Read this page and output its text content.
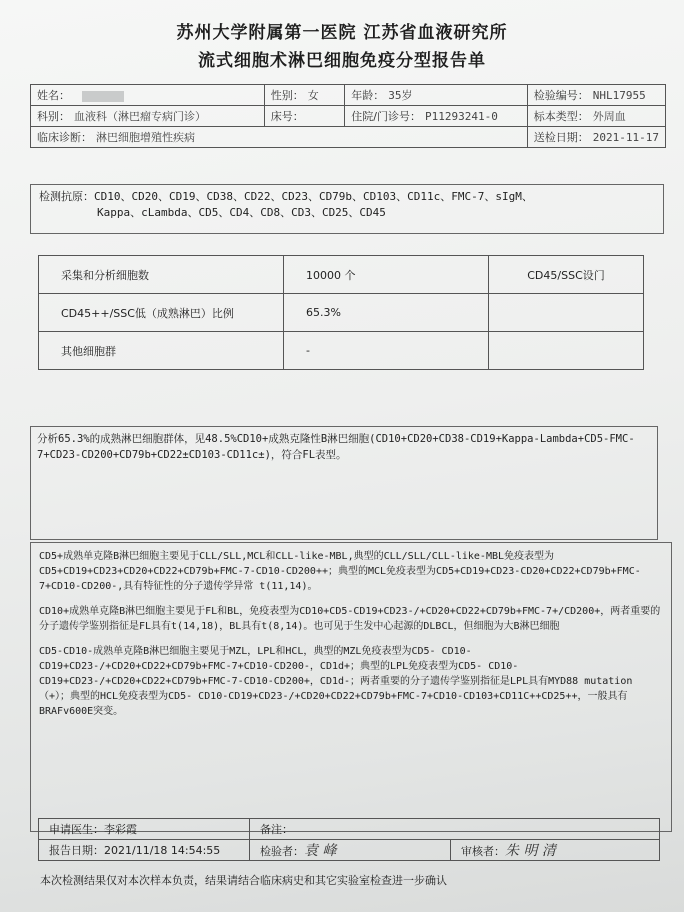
苏州大学附属第一医院 江苏省血液研究所
流式细胞术淋巴细胞免疫分型报告单
姓名：	性别： 女	年龄： 35岁	检验编号： NHL17955
科别： 血液科（淋巴瘤专病门诊）	床号：	住院/门诊号： P11293241-0	标本类型： 外周血
临床诊断： 淋巴细胞增殖性疾病			送检日期： 2021-11-17
检测抗原：CD10、CD20、CD19、CD38、CD22、CD23、CD79b、CD103、CD11c、FMC-7、sIgM、
Kappa、cLambda、CD5、CD4、CD8、CD3、CD25、CD45
采集和分析细胞数	10000 个	CD45/SSC设门
CD45++/SSC低（成熟淋巴）比例	65.3%	
其他细胞群	-	
分析65.3%的成熟淋巴细胞群体，见48.5%CD10+成熟克隆性B淋巴细胞(CD10+CD20+CD38-CD19+Kappa-Lambda+CD5-FMC-7+CD23-CD200+CD79b+CD22±CD103-CD11c±)，符合FL表型。

CD5+成熟单克隆B淋巴细胞主要见于CLL/SLL,MCL和CLL-like-MBL,典型的CLL/SLL/CLL-like-MBL免疫表型为CD5+CD19+CD23+CD20+CD22+CD79b+FMC-7-CD10-CD200++；典型的MCL免疫表型为CD5+CD19+CD23-CD20+CD22+CD79b+FMC-7+CD10-CD200-,具有特征性的分子遗传学异常 t(11,14)。

CD10+成熟单克隆B淋巴细胞主要见于FL和BL，免疫表型为CD10+CD5-CD19+CD23-/+CD20+CD22+CD79b+FMC-7+/CD200+，两者重要的分子遗传学鉴别指征是FL具有t(14,18)，BL具有t(8,14)。也可见于生发中心起源的DLBCL，但细胞为大B淋巴细胞

CD5-CD10-成熟单克隆B淋巴细胞主要见于MZL，LPL和HCL，典型的MZL免疫表型为CD5- CD10-CD19+CD23-/+CD20+CD22+CD79b+FMC-7+CD10-CD200-，CD1d+；典型的LPL免疫表型为CD5- CD10-CD19+CD23-/+CD20+CD22+CD79b+FMC-7-CD10-CD200+，CD1d-；两者重要的分子遗传学鉴别指征是LPL具有MYD88 mutation（+）；典型的HCL免疫表型为CD5- CD10-CD19+CD23-/+CD20+CD22+CD79b+FMC-7+CD10-CD103+CD11C++CD25++，一般具有BRAFv600E突变。

申请医生：李彩霞	备注：	
报告日期：2021/11/18 14:54:55	检验者：袁 峰	审核者：朱 明 清
本次检测结果仅对本次样本负责，结果请结合临床病史和其它实验室检查进一步确认
